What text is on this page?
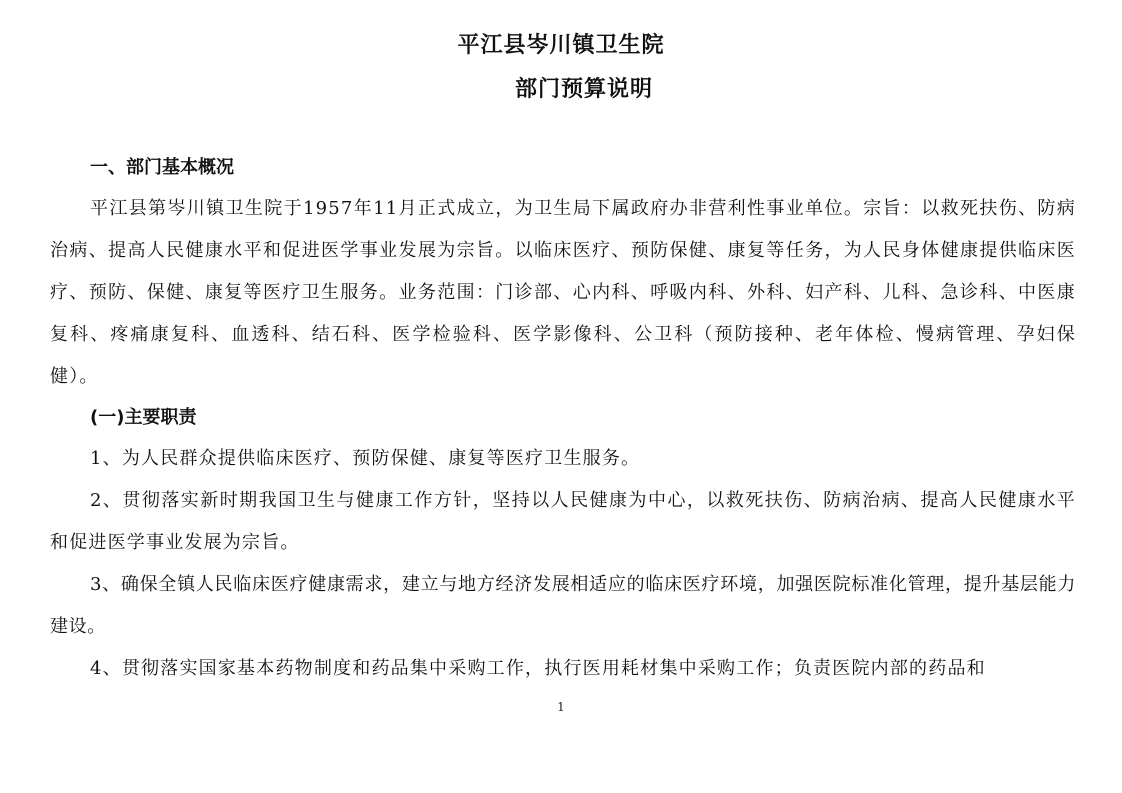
平江县岑川镇卫生院
部门预算说明
一、部门基本概况

平江县第岑川镇卫生院于1957年11月正式成立，为卫生局下属政府办非营利性事业单位。宗旨：以救死扶伤、防病治病、提高人民健康水平和促进医学事业发展为宗旨。以临床医疗、预防保健、康复等任务，为人民身体健康提供临床医疗、预防、保健、康复等医疗卫生服务。业务范围：门诊部、心内科、呼吸内科、外科、妇产科、儿科、急诊科、中医康复科、疼痛康复科、血透科、结石科、医学检验科、医学影像科、公卫科（预防接种、老年体检、慢病管理、孕妇保健）。

(一)主要职责

1、为人民群众提供临床医疗、预防保健、康复等医疗卫生服务。

2、贯彻落实新时期我国卫生与健康工作方针，坚持以人民健康为中心，以救死扶伤、防病治病、提高人民健康水平和促进医学事业发展为宗旨。

3、确保全镇人民临床医疗健康需求，建立与地方经济发展相适应的临床医疗环境，加强医院标准化管理，提升基层能力建设。

4、贯彻落实国家基本药物制度和药品集中采购工作，执行医用耗材集中采购工作；负责医院内部的药品和

1
